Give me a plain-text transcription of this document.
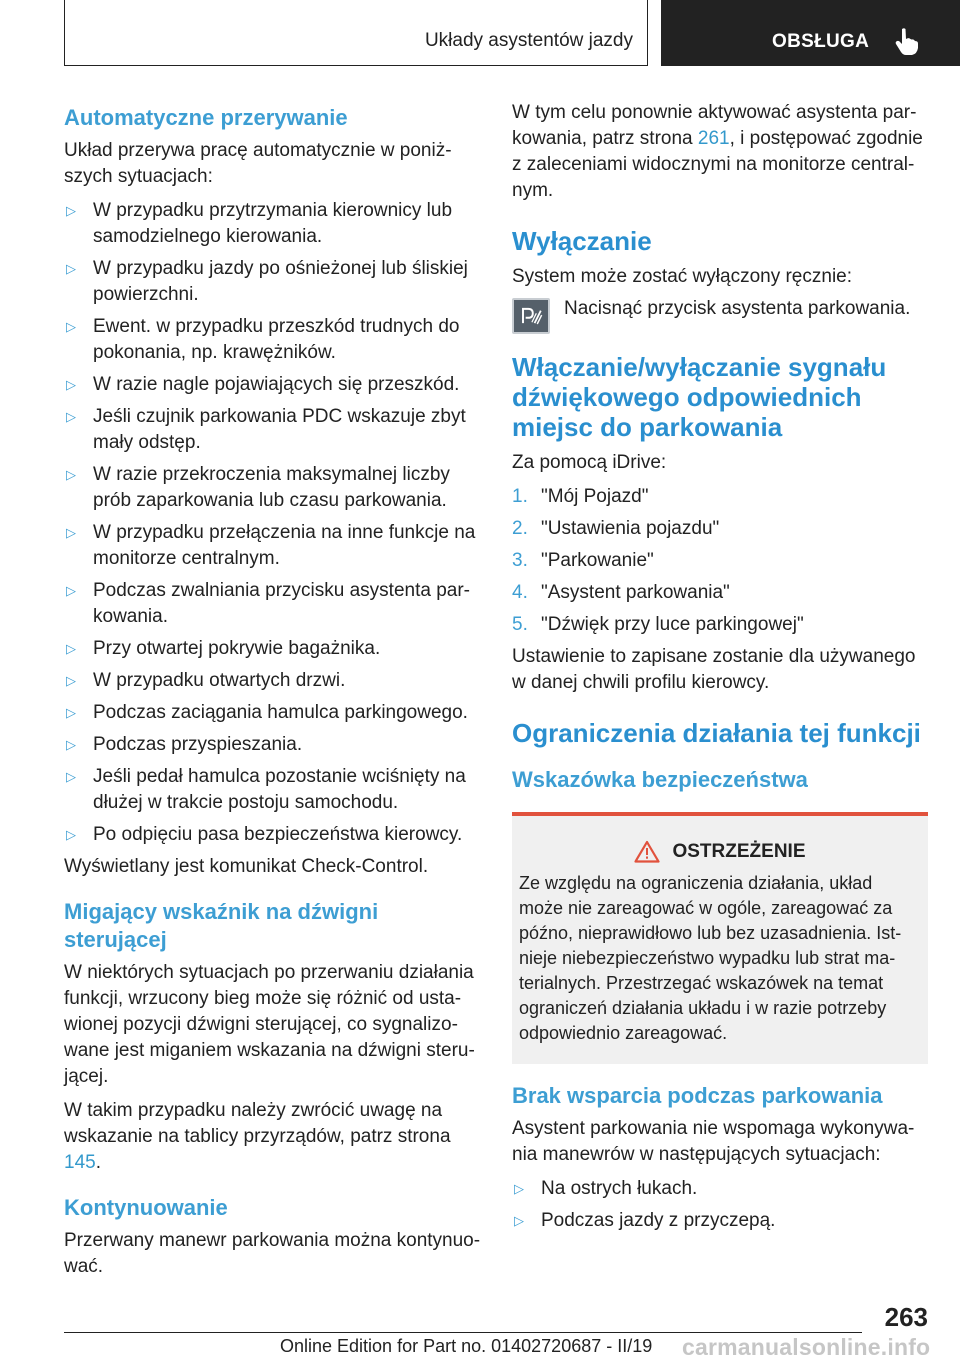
Układy asystentów jazdy	OBSŁUGA
Automatyczne przerywanie

Układ przerywa pracę automatycznie w poniż‐szych sytuacjach:

▷ W przypadku przytrzymania kierownicy lub samodzielnego kierowania.
▷ W przypadku jazdy po ośnieżonej lub śliskiej powierzchni.
▷ Ewent. w przypadku przeszkód trudnych do pokonania, np. krawężników.
▷ W razie nagle pojawiających się przeszkód.
▷ Jeśli czujnik parkowania PDC wskazuje zbyt mały odstęp.
▷ W razie przekroczenia maksymalnej liczby prób zaparkowania lub czasu parkowania.
▷ W przypadku przełączenia na inne funkcje na monitorze centralnym.
▷ Podczas zwalniania przycisku asystenta par‐kowania.
▷ Przy otwartej pokrywie bagażnika.
▷ W przypadku otwartych drzwi.
▷ Podczas zaciągania hamulca parkingowego.
▷ Podczas przyspieszania.
▷ Jeśli pedał hamulca pozostanie wciśnięty na dłużej w trakcie postoju samochodu.
▷ Po odpięciu pasa bezpieczeństwa kierowcy.

Wyświetlany jest komunikat Check-Control.

Migający wskaźnik na dźwigni sterującej

W niektórych sytuacjach po przerwaniu działania funkcji, wrzucony bieg może się różnić od usta‐wionej pozycji dźwigni sterującej, co sygnalizo‐wane jest miganiem wskazania na dźwigni steru‐jącej.

W takim przypadku należy zwrócić uwagę na wskazanie na tablicy przyrządów, patrz strona 145.

Kontynuowanie

Przerwany manewr parkowania można kontynuo‐wać.

W tym celu ponownie aktywować asystenta par‐kowania, patrz strona 261, i postępować zgodnie z zaleceniami widocznymi na monitorze central‐nym.

Wyłączanie

System może zostać wyłączony ręcznie:

Nacisnąć przycisk asystenta parkowania.

Włączanie/wyłączanie sygnału dźwiękowego odpowiednich miejsc do parkowania

Za pomocą iDrive:

1. "Mój Pojazd"
2. "Ustawienia pojazdu"
3. "Parkowanie"
4. "Asystent parkowania"
5. "Dźwięk przy luce parkingowej"

Ustawienie to zapisane zostanie dla używanego w danej chwili profilu kierowcy.

Ograniczenia działania tej funkcji
Wskazówka bezpieczeństwa
OSTRZEŻENIE

Ze względu na ograniczenia działania, układ może nie zareagować w ogóle, zareagować za późno, nieprawidłowo lub bez uzasadnienia. Ist‐nieje niebezpieczeństwo wypadku lub strat ma‐terialnych. Przestrzegać wskazówek na temat ograniczeń działania układu i w razie potrzeby odpowiednio zareagować.

Brak wsparcia podczas parkowania

Asystent parkowania nie wspomaga wykonywa‐nia manewrów w następujących sytuacjach:

▷ Na ostrych łukach.
▷ Podczas jazdy z przyczepą.
263
Online Edition for Part no. 01402720687 - II/19 carmanualsonline.info
